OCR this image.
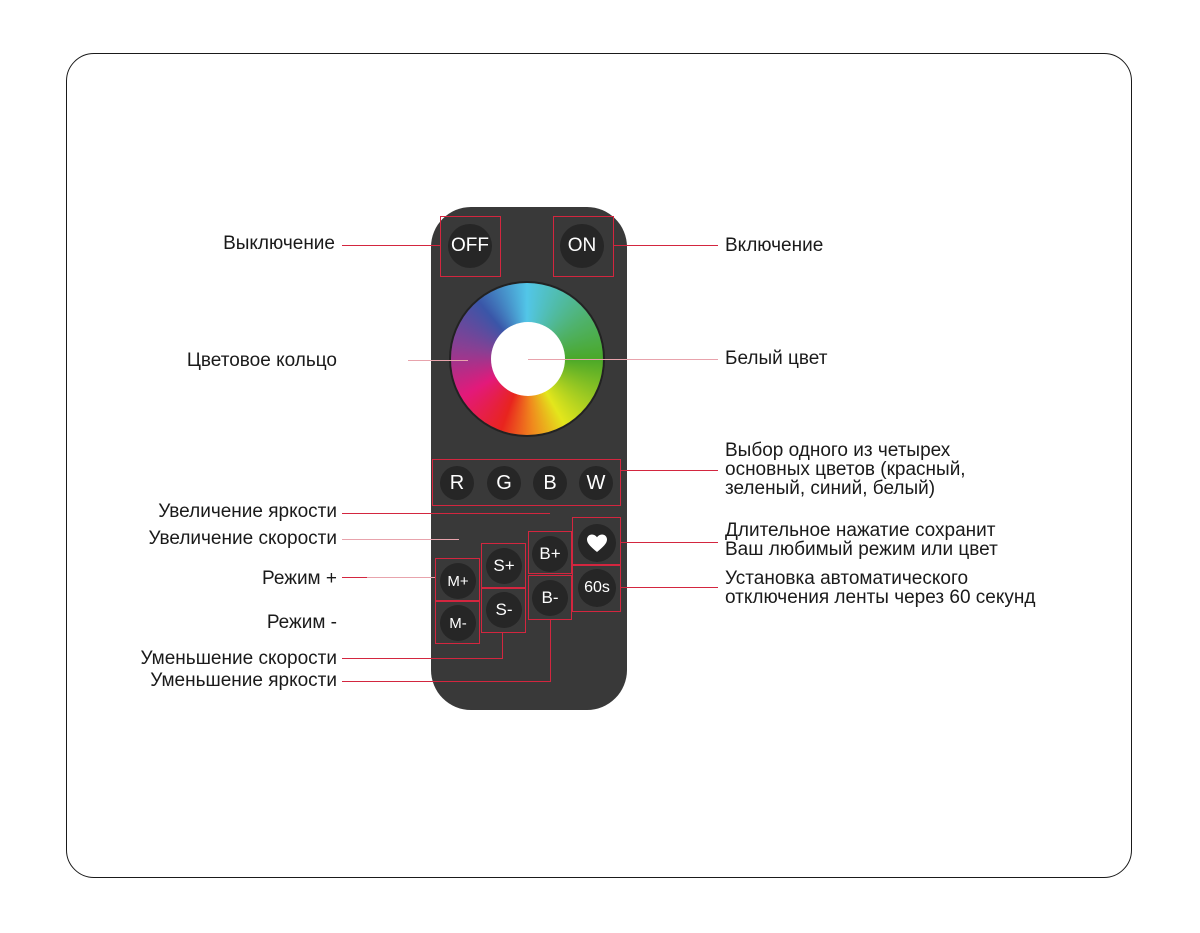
Выключение
Цветовое кольцо
Увеличение яркости
Увеличение скорости
Режим +
Режим -
Уменьшение скорости
Уменьшение яркости
Включение
Белый цвет
Выбор одного из четырех
основных цветов (красный,
зеленый, синий, белый)
Длительное нажатие сохранит
Ваш любимый режим или цвет
Установка автоматического
отключения ленты через 60 секунд
OFF	ON
R	G	B	W
M+
M-
S+
S-
B+
B-
60s
